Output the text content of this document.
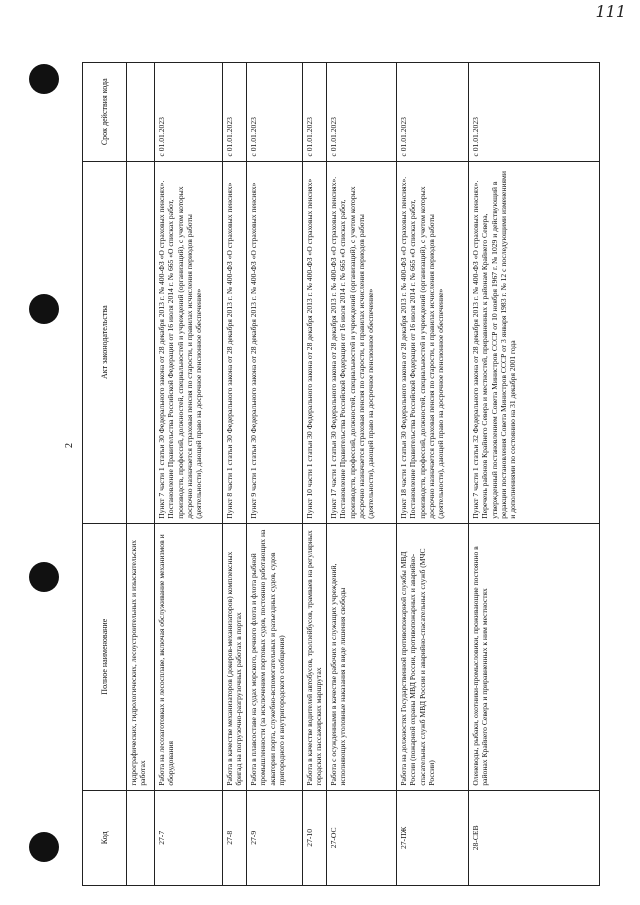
111
2
Код	Полное наименование	Акт законодательства	Срок действия кода
	гидрографических, гидрологических, лесоустроительных и изыскательских работах		
27-7	Работа на лесозаготовках и лесосплаве, включая обслуживание механизмов и оборудования	Пункт 7 части 1 статьи 30 Федерального закона от 28 декабря 2013 г. № 400-ФЗ «О страховых пенсиях». Постановление Правительства Российской Федерации от 16 июля 2014 г. № 665 «О списках работ, производств, профессий, должностей, специальностей и учреждений (организаций), с учетом которых досрочно назначается страховая пенсия по старости, и правилах исчисления периодов работы (деятельности), дающей право на досрочное пенсионное обеспечение»	с 01.01.2023
27-8	Работа в качестве механизаторов (докеров-механизаторов) комплексных бригад на погрузочно-разгрузочных работах в портах	Пункт 8 части 1 статьи 30 Федерального закона от 28 декабря 2013 г. № 400-ФЗ «О страховых пенсиях»	с 01.01.2023
27-9	Работа в плавсоставе на судах морского, речного флота и флота рыбной промышленности (за исключением портовых судов, постоянно работающих на акватории порта, служебно-вспомогательных и разъездных судов, судов пригородного и внутригородского сообщения)	Пункт 9 части 1 статьи 30 Федерального закона от 28 декабря 2013 г. № 400-ФЗ «О страховых пенсиях»	с 01.01.2023
27-10	Работа в качестве водителей автобусов, троллейбусов, трамваев на регулярных городских пассажирских маршрутах	Пункт 10 части 1 статьи 30 Федерального закона от 28 декабря 2013 г. № 400-ФЗ «О страховых пенсиях»	с 01.01.2023
27-ОС	Работа с осужденными в качестве рабочих и служащих учреждений, исполняющих уголовные наказания в виде лишения свободы	Пункт 17 части 1 статьи 30 Федерального закона от 28 декабря 2013 г. № 400-ФЗ «О страховых пенсиях». Постановление Правительства Российской Федерации от 16 июля 2014 г. № 665 «О списках работ, производств, профессий, должностей, специальностей и учреждений (организаций), с учетом которых досрочно назначается страховая пенсия по старости, и правилах исчисления периодов работы (деятельности), дающей право на досрочное пенсионное обеспечение»	с 01.01.2023
27-ПЖ	Работа на должностях Государственной противопожарной службы МВД России (пожарной охраны МВД России, противопожарных и аварийно-спасательных служб МВД России и аварийно-спасательных служб (МЧС России)	Пункт 18 части 1 статьи 30 Федерального закона от 28 декабря 2013 г. № 400-ФЗ «О страховых пенсиях». Постановление Правительства Российской Федерации от 16 июля 2014 г. № 665 «О списках работ, производств, профессий, должностей, специальностей и учреждений (организаций), с учетом которых досрочно назначается страховая пенсия по старости, и правилах исчисления периодов работы (деятельности), дающей право на досрочное пенсионное обеспечение»	с 01.01.2023
28-СЕВ	Оленеводы, рыбаки, охотники-промысловики, проживающие постоянно в районах Крайнего Севера и приравненных к ним местностях	Пункт 7 части 1 статьи 32 Федерального закона от 28 декабря 2013 г. № 400-ФЗ «О страховых пенсиях». Перечень районов Крайнего Севера и местностей, приравненных к районам Крайнего Севера, утвержденный постановлением Совета Министров СССР от 10 ноября 1967 г. № 1029 и действующий в редакции постановления Совета Министров СССР от 3 января 1983 г. № 12 с последующими изменениями и дополнениями по состоянию на 31 декабря 2001 года	с 01.01.2023
